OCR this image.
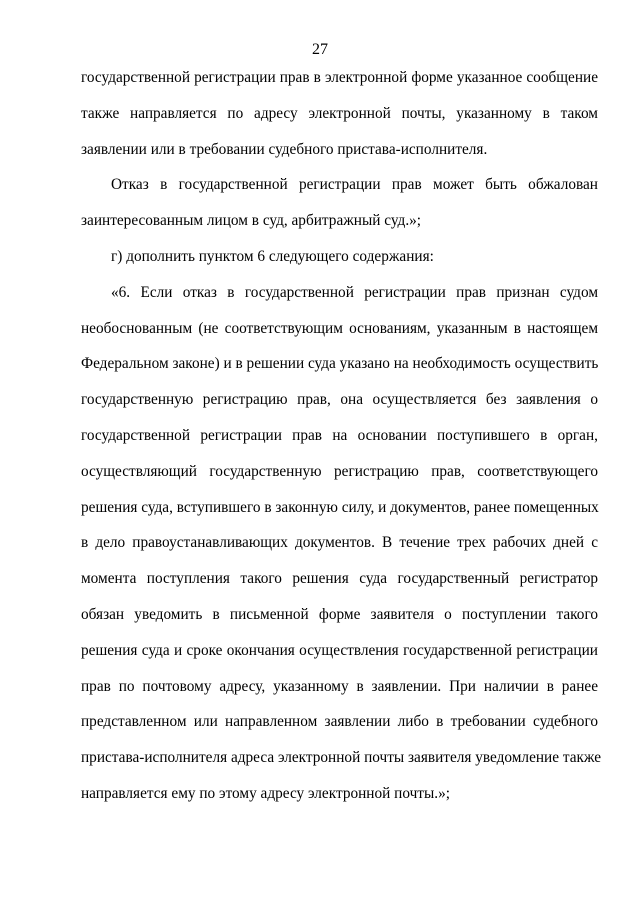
27
государственной регистрации прав в электронной форме указанное сообщение
также направляется по адресу электронной почты, указанному в таком
заявлении или в требовании судебного пристава-исполнителя.
Отказ в государственной регистрации прав может быть обжалован
заинтересованным лицом в суд, арбитражный суд.»;
г) дополнить пунктом 6 следующего содержания:
«6. Если отказ в государственной регистрации прав признан судом
необоснованным (не соответствующим основаниям, указанным в настоящем
Федеральном законе) и в решении суда указано на необходимость осуществить
государственную регистрацию прав, она осуществляется без заявления о
государственной регистрации прав на основании поступившего в орган,
осуществляющий государственную регистрацию прав, соответствующего
решения суда, вступившего в законную силу, и документов, ранее помещенных
в дело правоустанавливающих документов. В течение трех рабочих дней с
момента поступления такого решения суда государственный регистратор
обязан уведомить в письменной форме заявителя о поступлении такого
решения суда и сроке окончания осуществления государственной регистрации
прав по почтовому адресу, указанному в заявлении. При наличии в ранее
представленном или направленном заявлении либо в требовании судебного
пристава-исполнителя адреса электронной почты заявителя уведомление также
направляется ему по этому адресу электронной почты.»;
